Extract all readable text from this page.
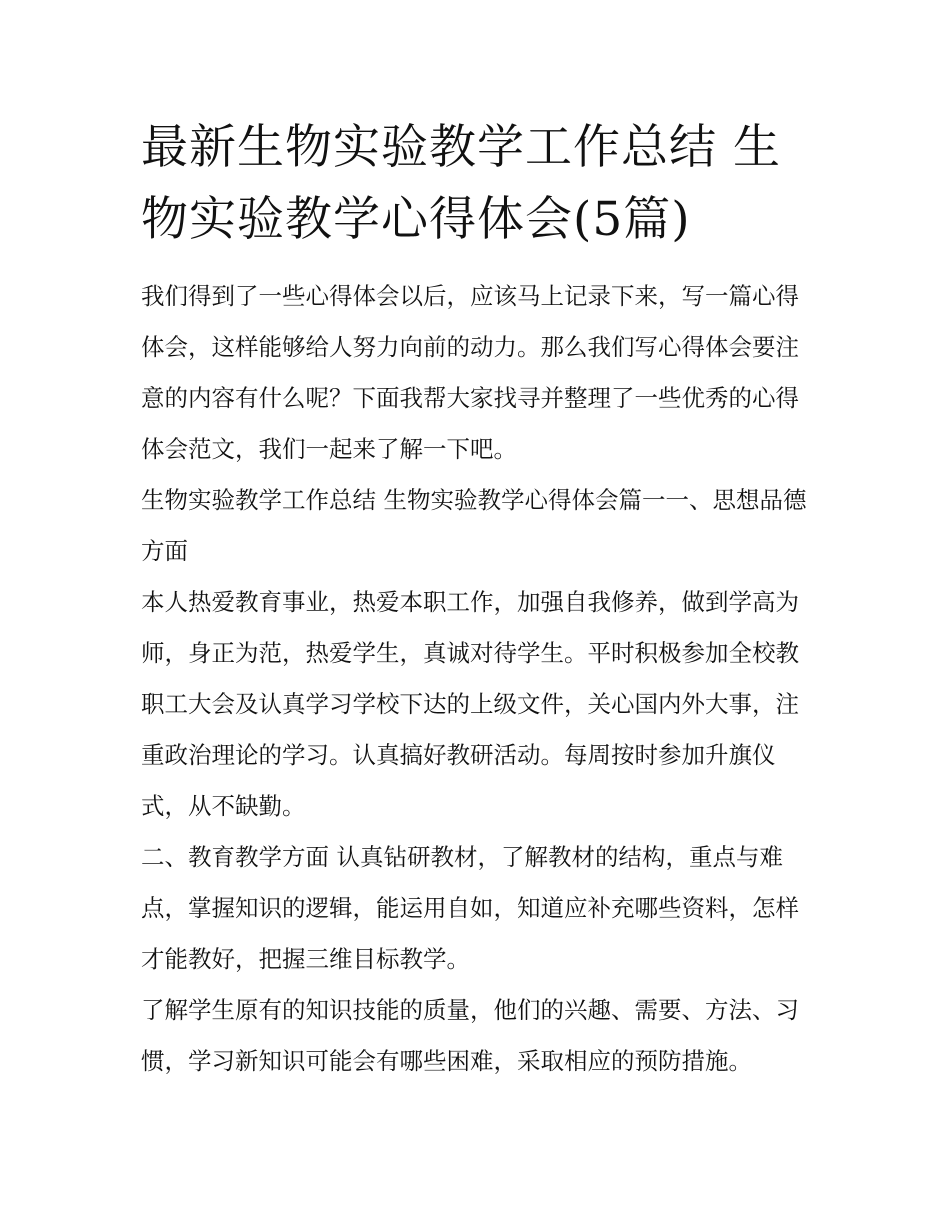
最新生物实验教学工作总结 生物实验教学心得体会(5篇)

我们得到了一些心得体会以后，应该马上记录下来，写一篇心得体会，这样能够给人努力向前的动力。那么我们写心得体会要注意的内容有什么呢？下面我帮大家找寻并整理了一些优秀的心得体会范文，我们一起来了解一下吧。

生物实验教学工作总结 生物实验教学心得体会篇一一、思想品德方面

本人热爱教育事业，热爱本职工作，加强自我修养，做到学高为师，身正为范，热爱学生，真诚对待学生。平时积极参加全校教职工大会及认真学习学校下达的上级文件，关心国内外大事，注重政治理论的学习。认真搞好教研活动。每周按时参加升旗仪式，从不缺勤。

二、教育教学方面 认真钻研教材，了解教材的结构，重点与难点，掌握知识的逻辑，能运用自如，知道应补充哪些资料，怎样才能教好，把握三维目标教学。

了解学生原有的知识技能的质量，他们的兴趣、需要、方法、习惯，学习新知识可能会有哪些困难，采取相应的预防措施。
